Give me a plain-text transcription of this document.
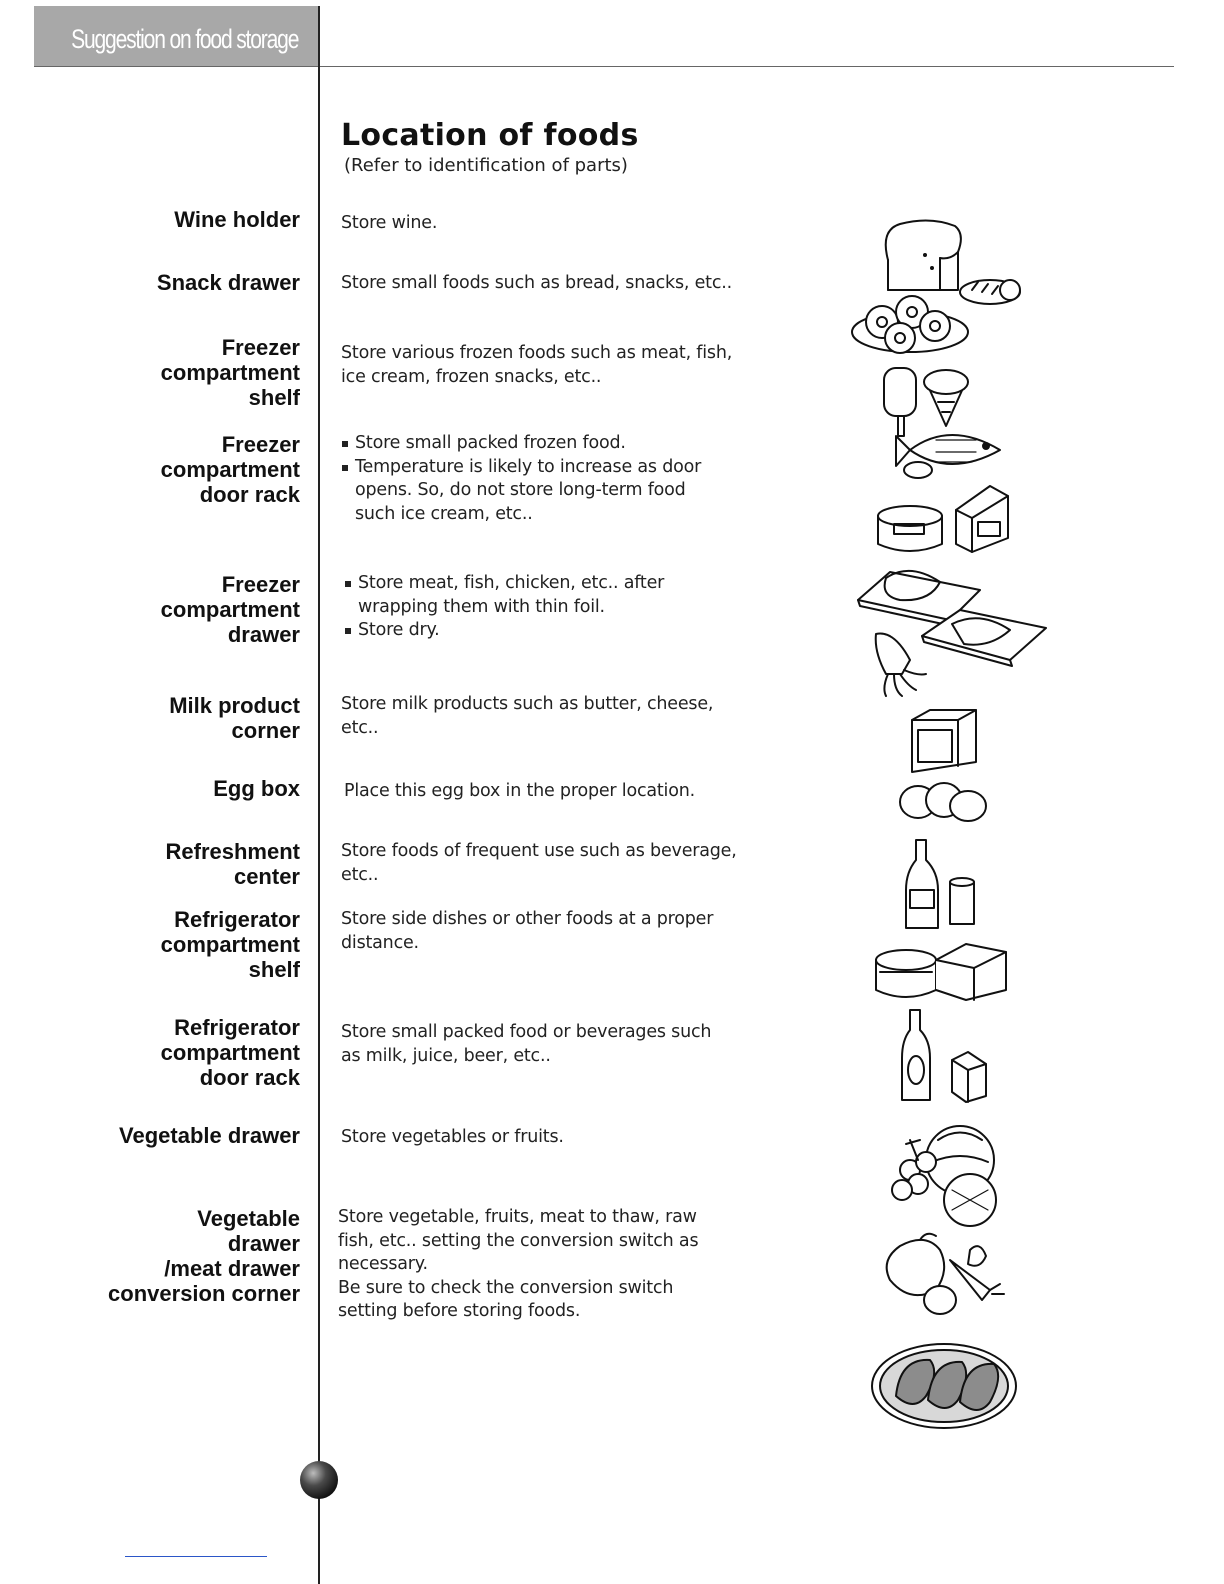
Suggestion on food storage
Location of foods
(Refer to identification of parts)
Wine holder Store wine.
Snack drawer Store small foods such as bread, snacks, etc..
Freezer
compartment
shelf
Store various frozen foods such as meat, fish,
ice cream, frozen snacks, etc..
Freezer
compartment
door rack
Store small packed frozen food.
Temperature is likely to increase as door opens. So, do not store long-term food such ice cream, etc..
Freezer
compartment
drawer
Store meat, fish, chicken, etc.. after wrapping them with thin foil.
Store dry.
Milk product
corner
Store milk products such as butter, cheese,
etc..
Egg box	Place this egg box in the proper location.
Refreshment
center
Store foods of frequent use such as beverage,
etc..
Refrigerator
compartment
shelf
Store side dishes or other foods at a proper
distance.
Refrigerator
compartment
door rack
Store small packed food or beverages such
as milk, juice, beer, etc..
Vegetable drawer Store vegetables or fruits.
Vegetable
drawer
/meat drawer
conversion corner
Store vegetable, fruits, meat to thaw, raw
fish, etc.. setting the conversion switch as
necessary.
Be sure to check the conversion switch
setting before storing foods.
